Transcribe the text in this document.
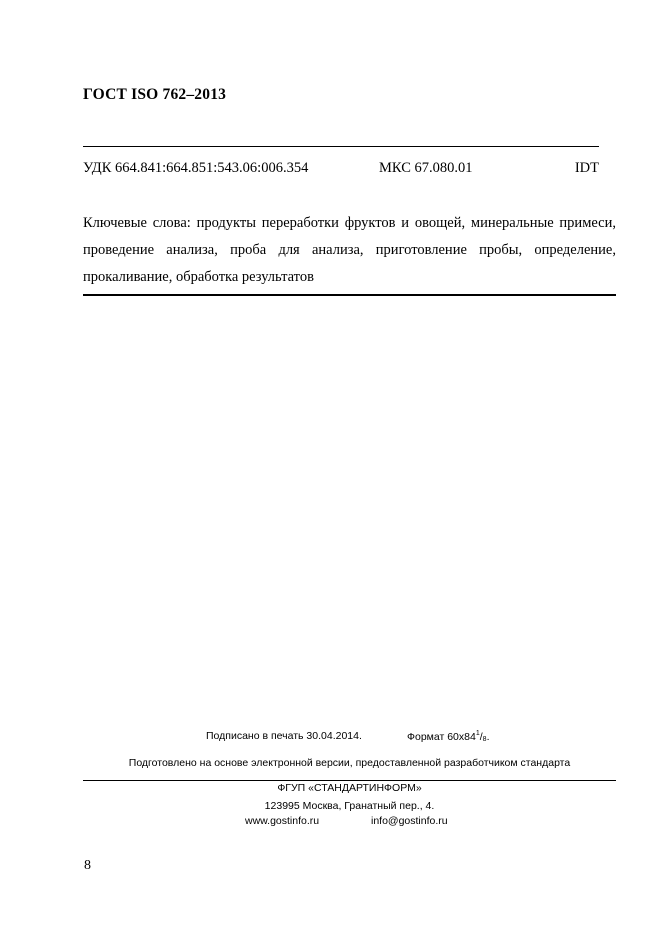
ГОСТ ISO 762–2013
УДК 664.841:664.851:543.06:006.354	МКС 67.080.01	IDT
Ключевые слова: продукты переработки фруктов и овощей, минеральные примеси, проведение анализа, проба для анализа, приготовление пробы, определение, прокаливание, обработка результатов
Подписано в печать 30.04.2014.	Формат $60х84^1/_8$.
Подготовлено на основе электронной версии, предоставленной разработчиком стандарта
ФГУП «СТАНДАРТИНФОРМ»
123995 Москва, Гранатный пер., 4.
www.gostinfo.ru	info@gostinfo.ru
8
